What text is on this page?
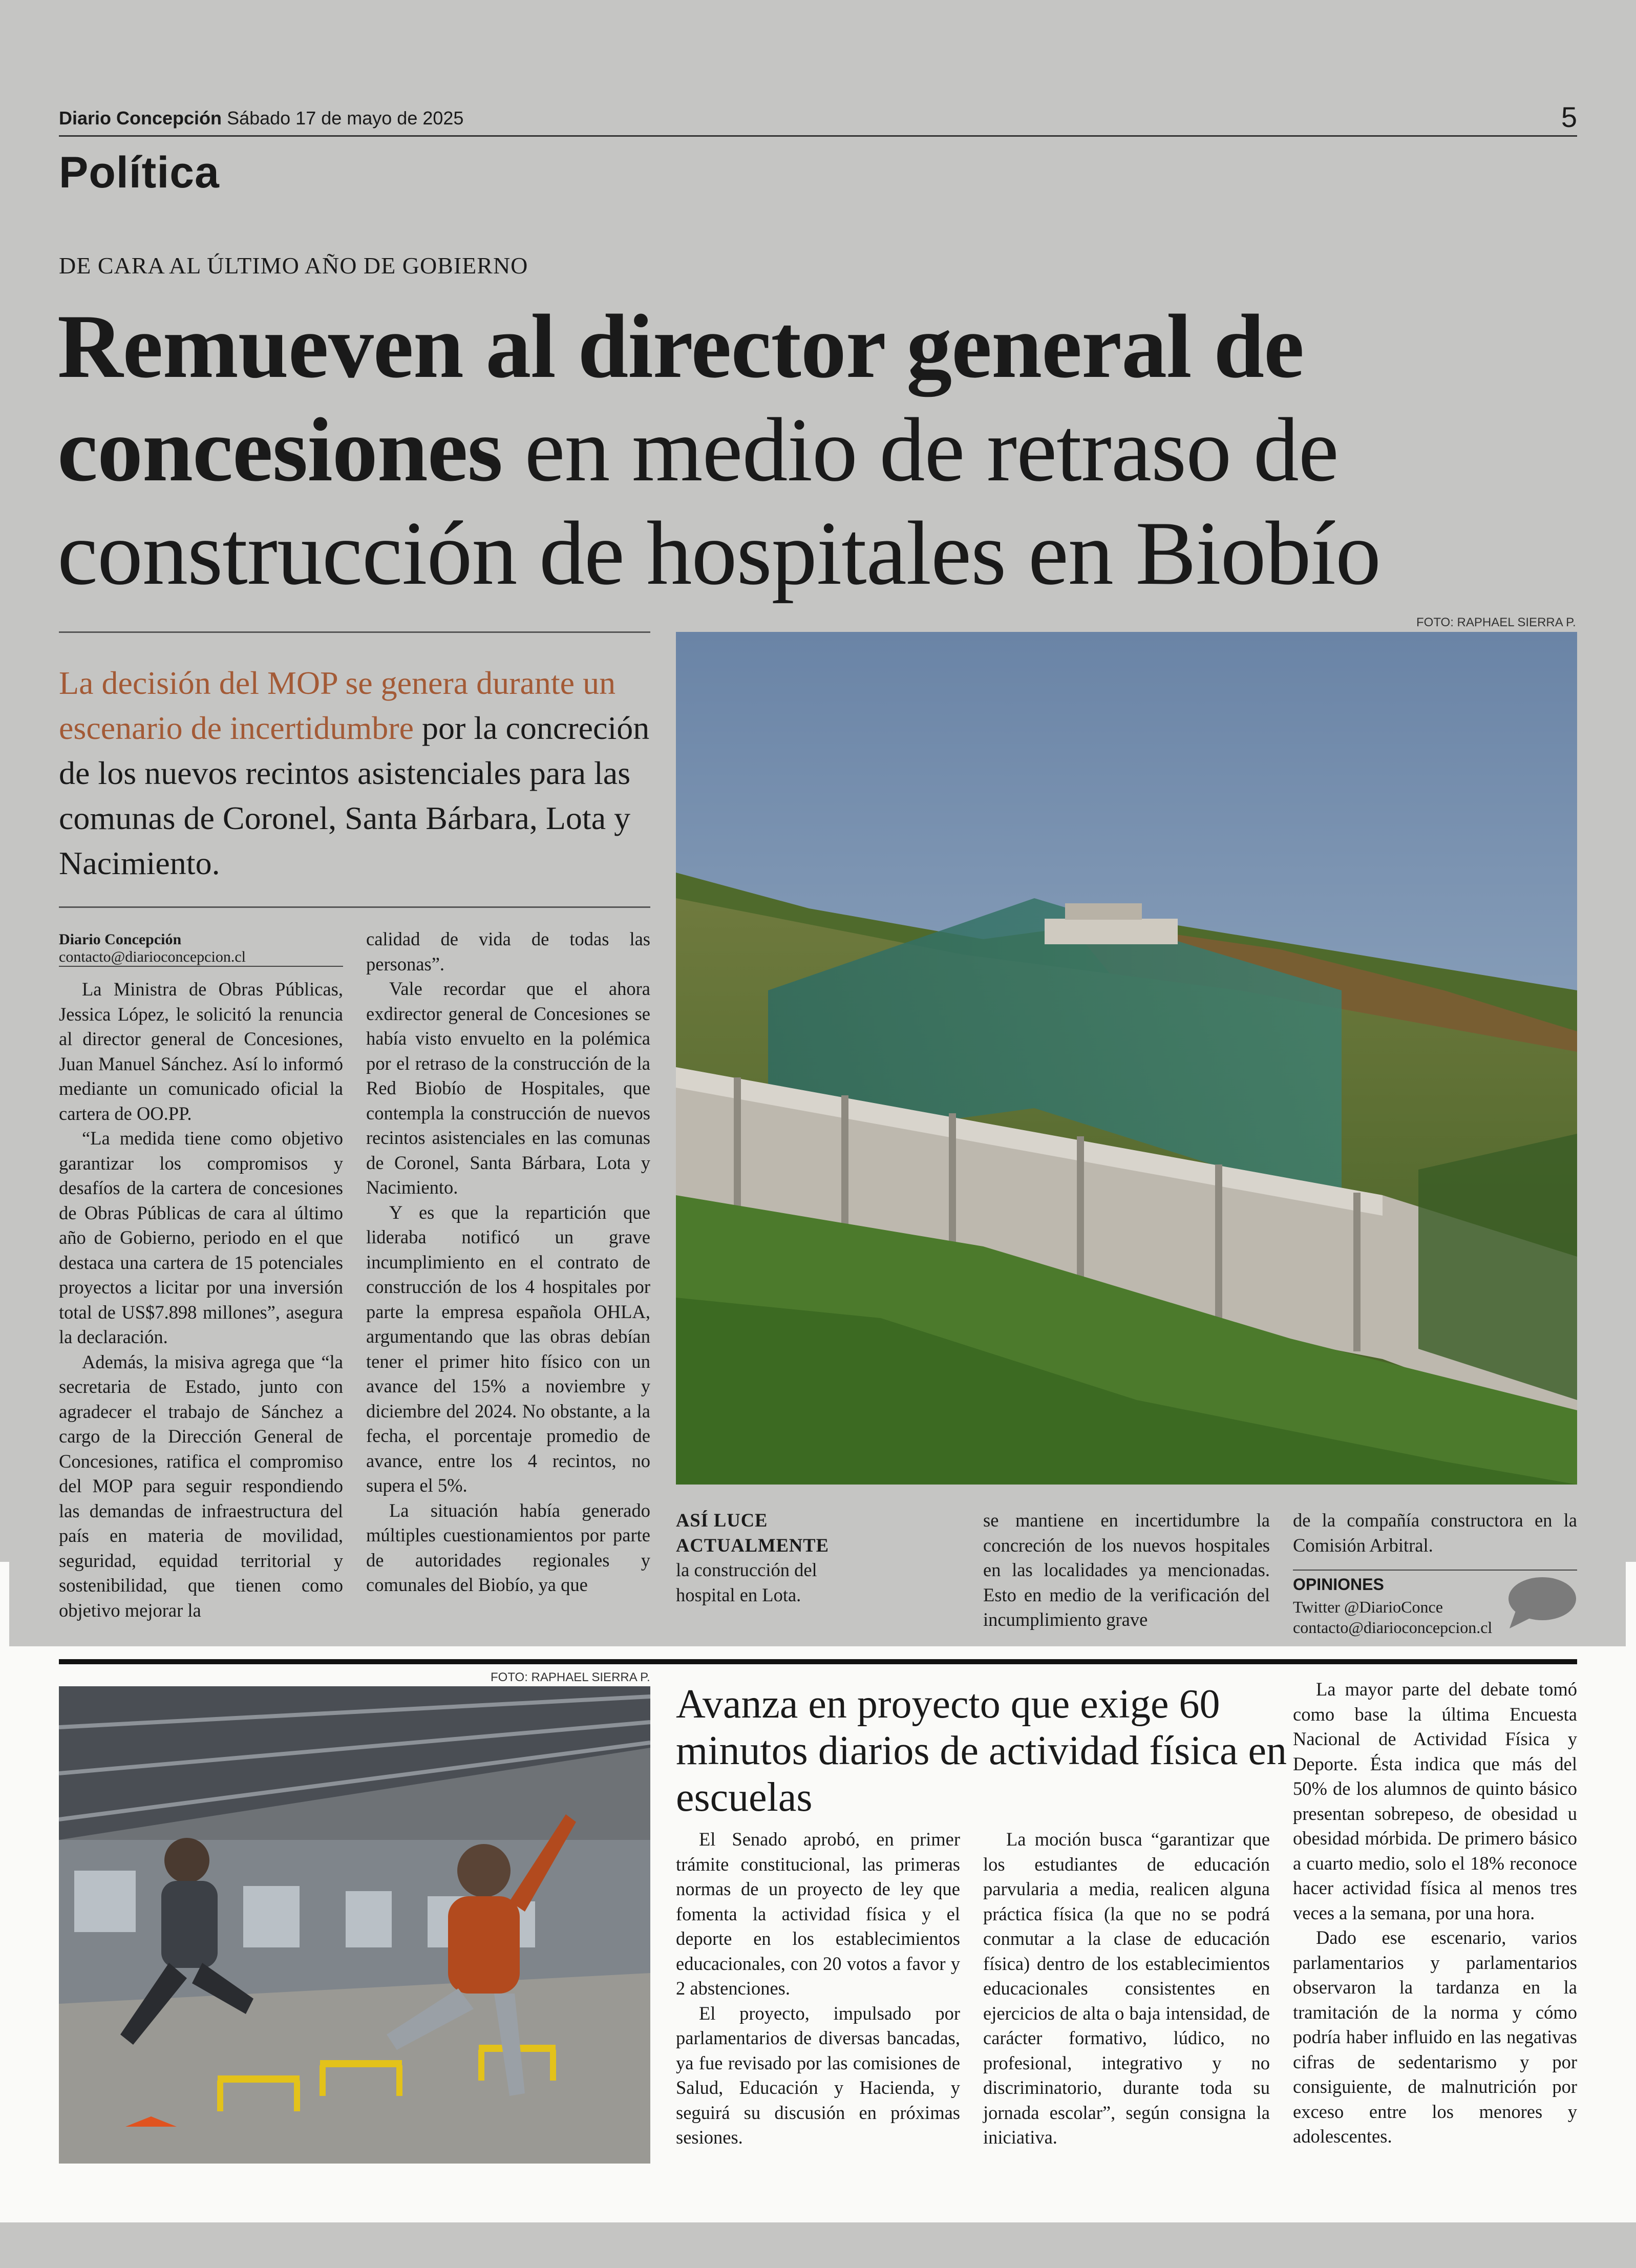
Diario Concepción Sábado 17 de mayo de 2025	5
Política
DE CARA AL ÚLTIMO AÑO DE GOBIERNO
Remueven al director general de concesiones en medio de retraso de construcción de hospitales en Biobío
La decisión del MOP se genera durante un escenario de incertidumbre por la concreción de los nuevos recintos asistenciales para las comunas de Coronel, Santa Bárbara, Lota y Nacimiento.
FOTO: RAPHAEL SIERRA P.
Diario Concepción
contacto@diarioconcepcion.cl

La Ministra de Obras Públicas, Jessica López, le solicitó la renuncia al director general de Concesiones, Juan Manuel Sánchez. Así lo informó mediante un comunicado oficial la cartera de OO.PP.

“La medida tiene como objetivo garantizar los compromisos y desafíos de la cartera de concesiones de Obras Públicas de cara al último año de Gobierno, periodo en el que destaca una cartera de 15 potenciales proyectos a licitar por una inversión total de US$7.898 millones”, asegura la declaración.

Además, la misiva agrega que “la secretaria de Estado, junto con agradecer el trabajo de Sánchez a cargo de la Dirección General de Concesiones, ratifica el compromiso del MOP para seguir respondiendo las demandas de infraestructura del país en materia de movilidad, seguridad, equidad territorial y sostenibilidad, que tienen como objetivo mejorar la

calidad de vida de todas las personas”.

Vale recordar que el ahora exdirector general de Concesiones se había visto envuelto en la polémica por el retraso de la construcción de la Red Biobío de Hospitales, que contempla la construcción de nuevos recintos asistenciales en las comunas de Coronel, Santa Bárbara, Lota y Nacimiento.

Y es que la repartición que lideraba notificó un grave incumplimiento en el contrato de construcción de los 4 hospitales por parte la empresa española OHLA, argumentando que las obras debían tener el primer hito físico con un avance del 15% a noviembre y diciembre del 2024. No obstante, a la fecha, el porcentaje promedio de avance, entre los 4 recintos, no supera el 5%.

La situación había generado múltiples cuestionamientos por parte de autoridades regionales y comunales del Biobío, ya que

ASÍ LUCE ACTUALMENTE
la construcción del hospital en Lota.

se mantiene en incertidumbre la concreción de los nuevos hospitales en las localidades ya mencionadas. Esto en medio de la verificación del incumplimiento grave

de la compañía constructora en la Comisión Arbitral.

OPINIONES
Twitter @DiarioConce
contacto@diarioconcepcion.cl
FOTO: RAPHAEL SIERRA P.
Avanza en proyecto que exige 60 minutos diarios de actividad física en escuelas

El Senado aprobó, en primer trámite constitucional, las primeras normas de un proyecto de ley que fomenta la actividad física y el deporte en los establecimientos educacionales, con 20 votos a favor y 2 abstenciones.

El proyecto, impulsado por parlamentarios de diversas bancadas, ya fue revisado por las comisiones de Salud, Educación y Hacienda, y seguirá su discusión en próximas sesiones.

La moción busca “garantizar que los estudiantes de educación parvularia a media, realicen alguna práctica física (la que no se podrá conmutar a la clase de educación física) dentro de los establecimientos educacionales consistentes en ejercicios de alta o baja intensidad, de carácter formativo, lúdico, no profesional, integrativo y no discriminatorio, durante toda su jornada escolar”, según consigna la iniciativa.

La mayor parte del debate tomó como base la última Encuesta Nacional de Actividad Física y Deporte. Ésta indica que más del 50% de los alumnos de quinto básico presentan sobrepeso, de obesidad u obesidad mórbida. De primero básico a cuarto medio, solo el 18% reconoce hacer actividad física al menos tres veces a la semana, por una hora.

Dado ese escenario, varios parlamentarios y parlamentarios observaron la tardanza en la tramitación de la norma y cómo podría haber influido en las negativas cifras de sedentarismo y por consiguiente, de malnutrición por exceso entre los menores y adolescentes.
